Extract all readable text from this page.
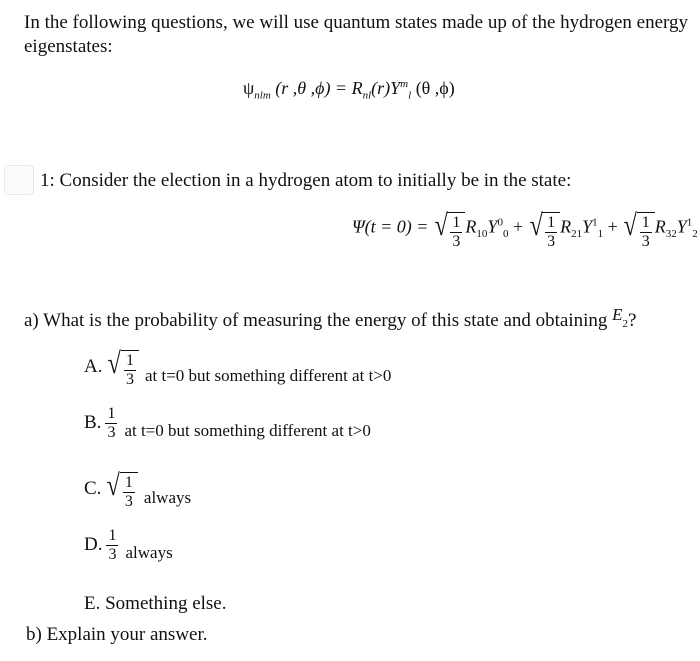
In the following questions, we will use quantum states made up of the hydrogen energy
eigenstates:
$\psi_{nlm}$ (r ,θ $,\phi) = R_{nl}(r)Y^m_l$ (θ ,ϕ)
1: Consider the election in a hydrogen atom to initially be in the state:
Ψ(t = 0) = √ $\frac{1}{3} R_{10}Y^0_0$ + √ $\frac{1}{3} R_{21}Y^1_1$ + √ $\frac{1}{3} R_{32}Y^1_2$
a) What is the probability of measuring the energy of this state and obtaining $E_2$?
A. √ $\frac{1}{3}$ at t=0 but something different at t>0
B. $\frac{1}{3}$ at t=0 but something different at t>0
C. √ $\frac{1}{3}$ always
D. $\frac{1}{3}$ always
E. Something else.
b) Explain your answer.
